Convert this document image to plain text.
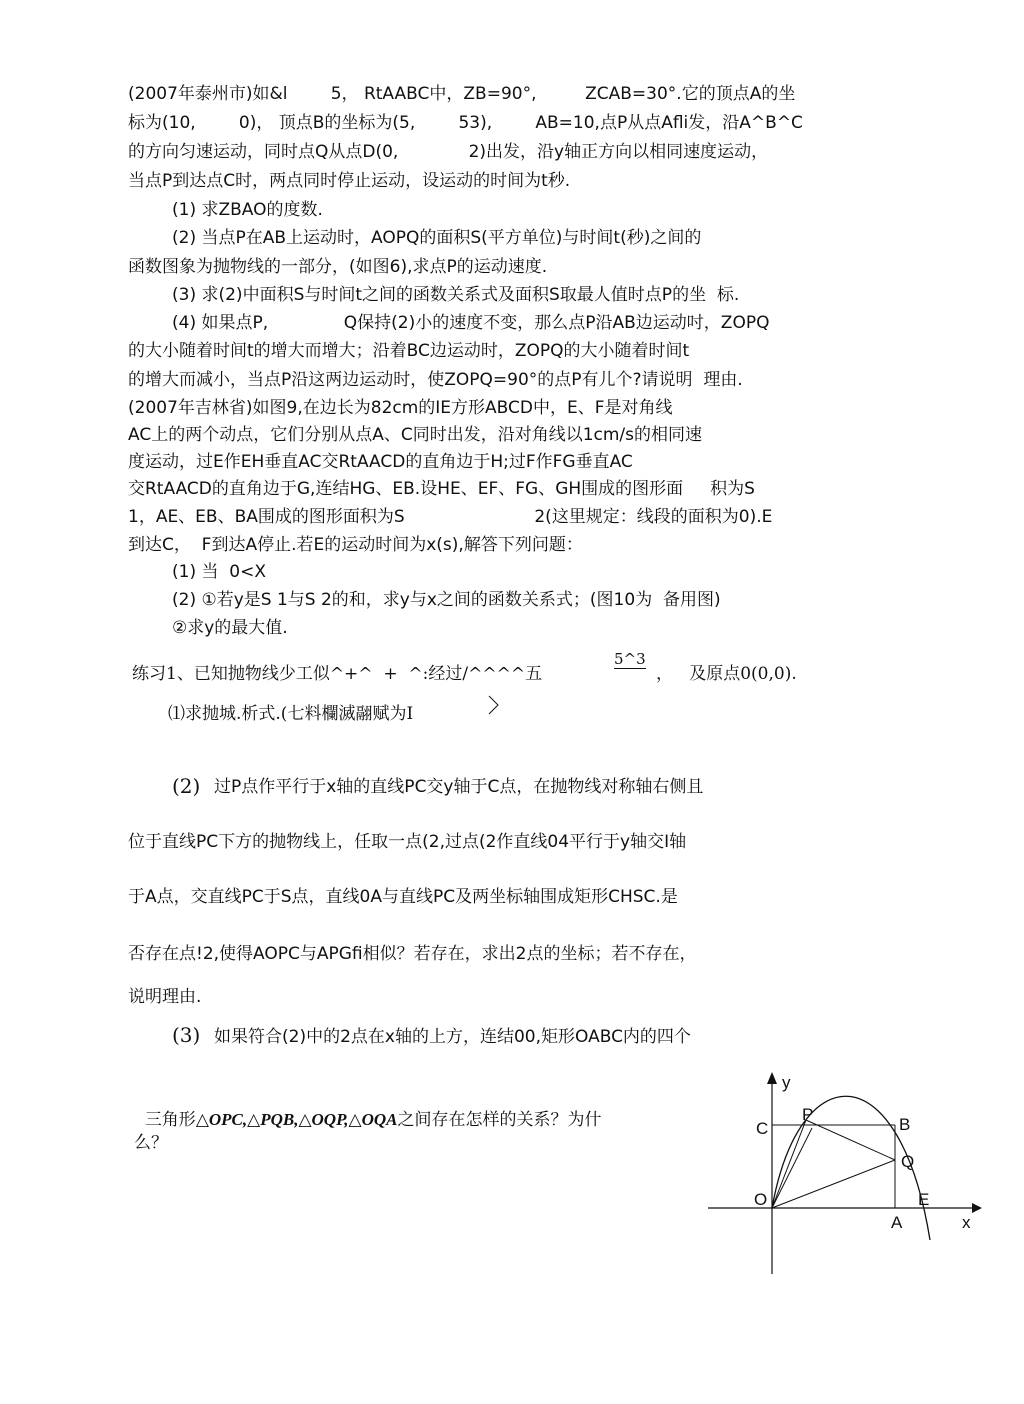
(2007年泰州市)如&l        5， RtAABC中，ZB=90°,         ZCAB=30°.它的顶点A的坐
标为(10,        0)， 顶点B的坐标为(5,        53),        AB=10,点P从点Afli发，沿A^B^C
的方向匀速运动，同时点Q从点D(0,             2)出发，沿y轴正方向以相同速度运动，
当点P到达点C时，两点同时停止运动，设运动的时间为t秒.
(1) 求ZBAO的度数.
(2) 当点P在AB上运动时，AOPQ的面积S(平方单位)与时间t(秒)之间的
函数图象为抛物线的一部分，(如图6),求点P的运动速度.
(3) 求(2)中面积S与时间t之间的函数关系式及面积S取最人值时点P的坐  标.
(4) 如果点P,              Q保持(2)小的速度不变，那么点P沿AB边运动吋，ZOPQ
的大小随着时间t的增大而增大；沿着BC边运动时，ZOPQ的大小随着时间t
的增大而减小，当点P沿这两边运动时，使ZOPQ=90°的点P有儿个?请说明  理由.
(2007年吉林省)如图9,在边长为82cm的IE方形ABCD中，E、F是对角线
AC上的两个动点，它们分别从点A、C同时出发，沿对角线以1cm/s的相同速
度运动，过E作EH垂直AC交RtAACD的直角边于H;过F作FG垂直AC
交RtAACD的直角边于G,连结HG、EB.设HE、EF、FG、GH围成的图形面     积为S
1，AE、EB、BA围成的图形面积为S                        2(这里规定：线段的面积为0).E
到达C，  F到达A停止.若E的运动时间为x(s),解答下列问题：
(1) 当  0<X
(2) ①若y是S 1与S 2的和，求y与x之间的函数关系式；(图10为  备用图)
②求y的最大值.
练习1、已知抛物线少工似^+^  +  ^:经过/^^^^五
5^3
，   及原点0(0,0).
⑴求抛城.析式.(七料欄滅翮赋为I
(2) 过P点作平行于x轴的直线PC交y轴于C点，在抛物线对称轴右侧且
位于直线PC下方的抛物线上，任取一点(2,过点(2作直线04平行于y轴交I轴
于A点，交直线PC于S点，直线0A与直线PC及两坐标轴围成矩形CHSC.是
否存在点!2,使得AOPC与APGfi相似？若存在，求出2点的坐标；若不存在，
说明理由.
(3) 如果符合(2)中的2点在x轴的上方，连结00,矩形OABC内的四个

三角形△OPC,△PQB,△OQP,△OQA之间存在怎样的关系？为什

么？
y
x
C
P
B
Q
O	E
A
